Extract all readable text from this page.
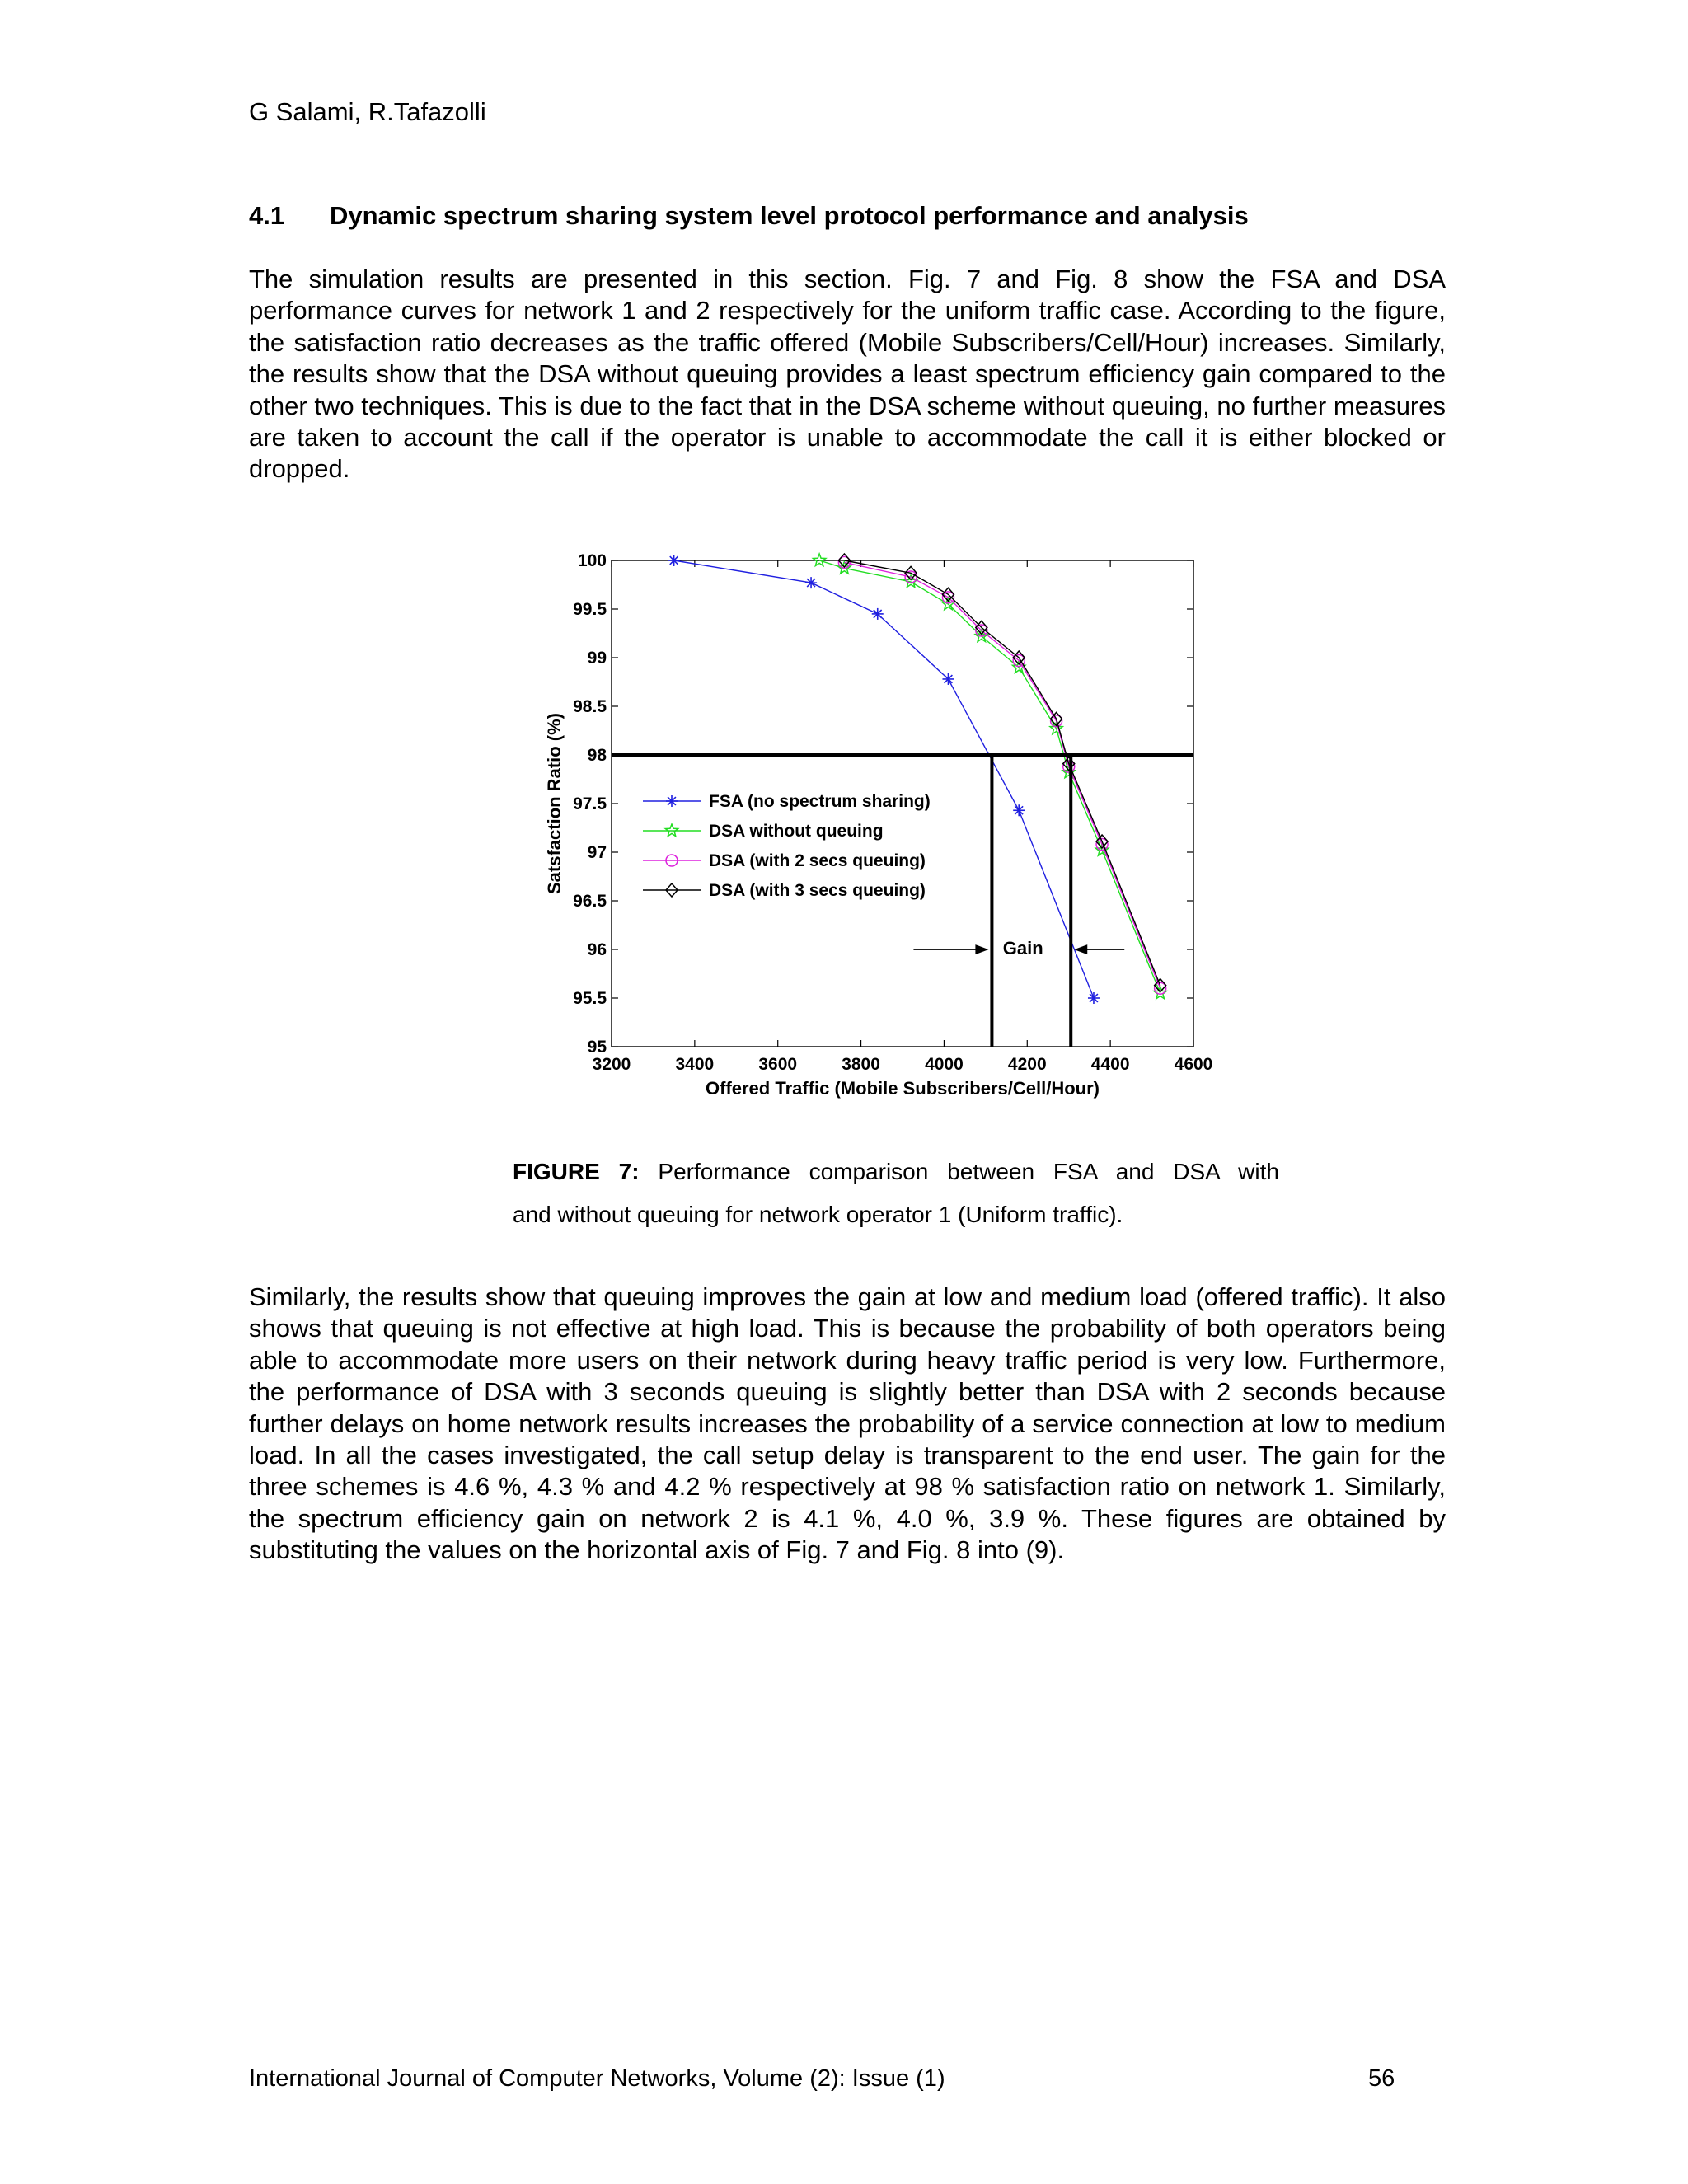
G Salami, R.Tafazolli
4.1 Dynamic spectrum sharing system level protocol performance and analysis

The simulation results are presented in this section. Fig. 7 and Fig. 8 show the FSA and DSA performance curves for network 1 and 2 respectively for the uniform traffic case. According to the figure, the satisfaction ratio decreases as the traffic offered (Mobile Subscribers/Cell/Hour) increases. Similarly, the results show that the DSA without queuing provides a least spectrum efficiency gain compared to the other two techniques. This is due to the fact that in the DSA scheme without queuing, no further measures are taken to account the call if the operator is unable to accommodate the call it is either blocked or dropped.

3200	3400	3600	3800	4000	4200	4400	4600
95
95.5
96
96.5
97
97.5
98
98.5
99
99.5
100
Offered Traffic (Mobile Subscribers/Cell/Hour)
Satsfaction Ratio (%)
Gain
FSA (no spectrum sharing)
DSA without queuing
DSA (with 2 secs queuing)
DSA (with 3 secs queuing)
FIGURE 7: Performance comparison between FSA and DSA with
and without queuing for network operator 1 (Uniform traffic).

Similarly, the results show that queuing improves the gain at low and medium load (offered traffic). It also shows that queuing is not effective at high load. This is because the probability of both operators being able to accommodate more users on their network during heavy traffic period is very low. Furthermore, the performance of DSA with 3 seconds queuing is slightly better than DSA with 2 seconds because further delays on home network results increases the probability of a service connection at low to medium load. In all the cases investigated, the call setup delay is transparent to the end user. The gain for the three schemes is 4.6 %, 4.3 % and 4.2 % respectively at 98 % satisfaction ratio on network 1. Similarly, the spectrum efficiency gain on network 2 is 4.1 %, 4.0 %, 3.9 %. These figures are obtained by substituting the values on the horizontal axis of Fig. 7 and Fig. 8 into (9).

International Journal of Computer Networks, Volume (2): Issue (1)	56
